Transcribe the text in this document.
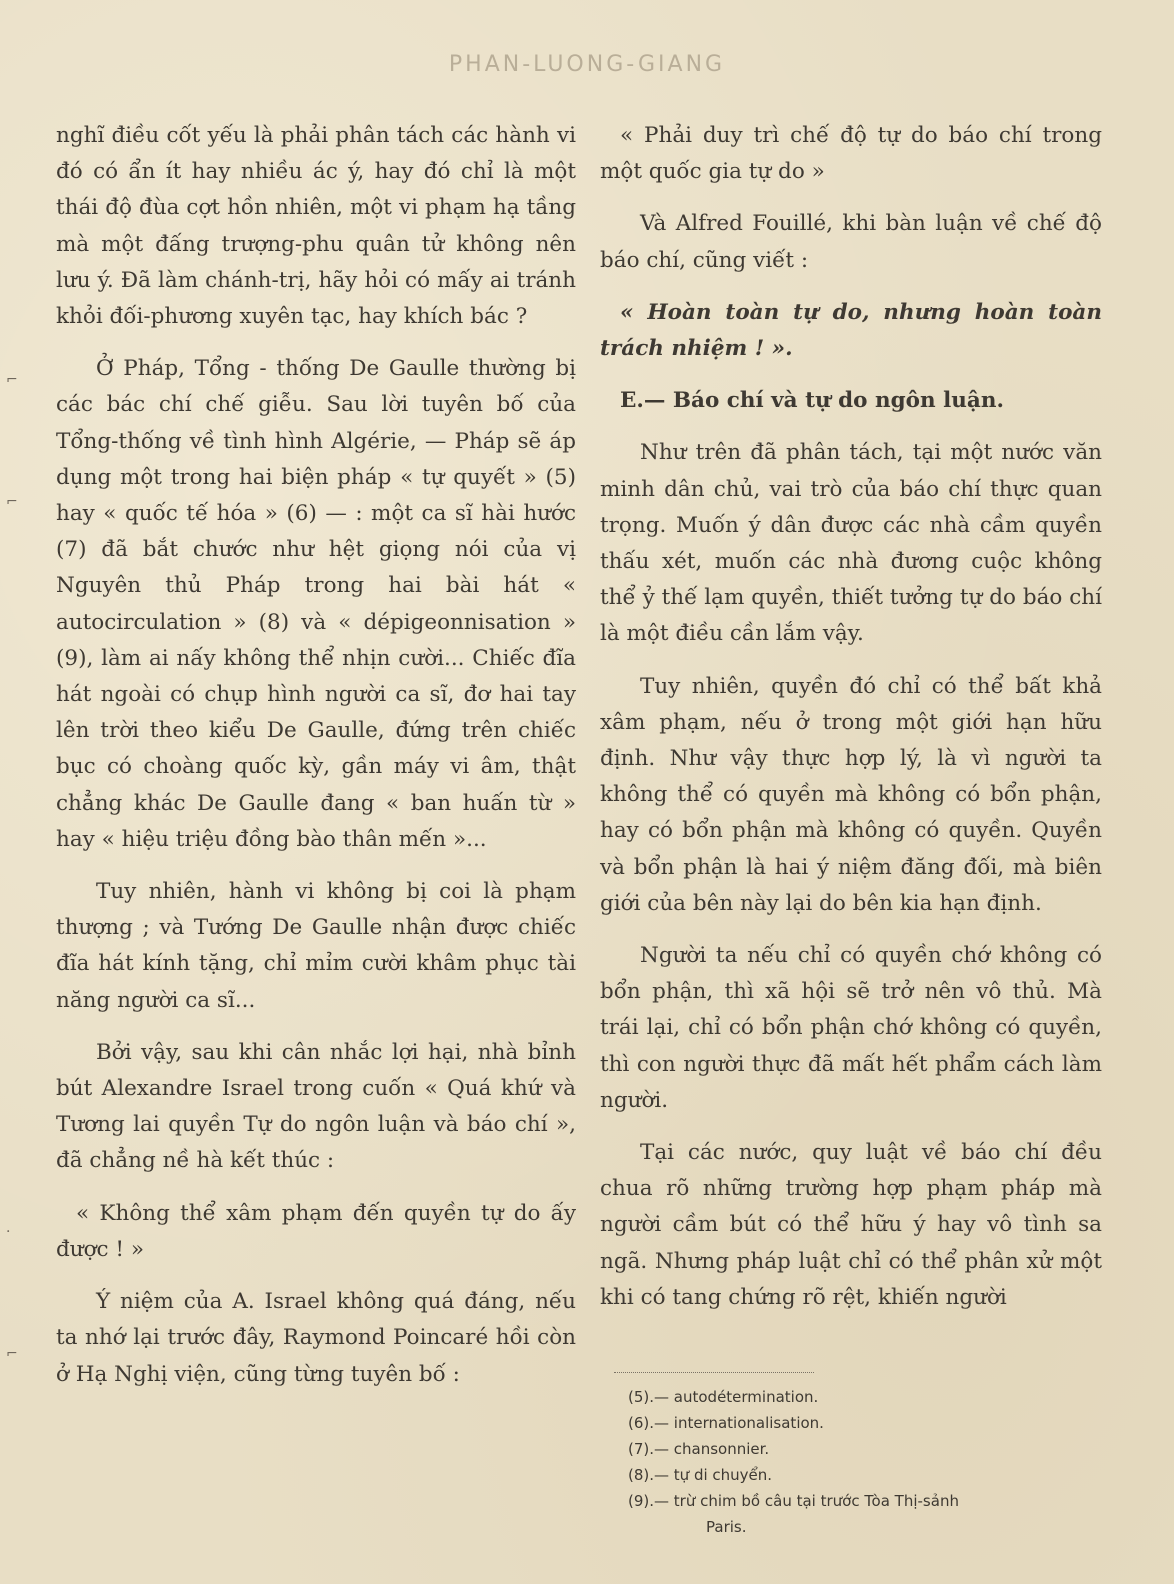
PHAN-LUONG-GIANG

nghĩ điều cốt yếu là phải phân tách các hành vi đó có ẩn ít hay nhiều ác ý, hay đó chỉ là một thái độ đùa cợt hồn nhiên, một vi phạm hạ tầng mà một đấng trượng-phu quân tử không nên lưu ý. Đã làm chánh-trị, hãy hỏi có mấy ai tránh khỏi đối-phương xuyên tạc, hay khích bác ?

Ở Pháp, Tổng - thống De Gaulle thường bị các bác chí chế giễu. Sau lời tuyên bố của Tổng-thống về tình hình Algérie, — Pháp sẽ áp dụng một trong hai biện pháp « tự quyết » (5) hay « quốc tế hóa » (6) — : một ca sĩ hài hước (7) đã bắt chước như hệt giọng nói của vị Nguyên thủ Pháp trong hai bài hát « autocirculation » (8) và « dépigeonnisation » (9), làm ai nấy không thể nhịn cười... Chiếc đĩa hát ngoài có chụp hình người ca sĩ, đơ hai tay lên trời theo kiểu De Gaulle, đứng trên chiếc bục có choàng quốc kỳ, gần máy vi âm, thật chẳng khác De Gaulle đang « ban huấn từ » hay « hiệu triệu đồng bào thân mến »...

Tuy nhiên, hành vi không bị coi là phạm thượng ; và Tướng De Gaulle nhận được chiếc đĩa hát kính tặng, chỉ mỉm cười khâm phục tài năng người ca sĩ...

Bởi vậy, sau khi cân nhắc lợi hại, nhà bỉnh bút Alexandre Israel trong cuốn « Quá khứ và Tương lai quyền Tự do ngôn luận và báo chí », đã chẳng nề hà kết thúc :

« Không thể xâm phạm đến quyền tự do ấy được ! »

Ý niệm của A. Israel không quá đáng, nếu ta nhớ lại trước đây, Raymond Poincaré hồi còn ở Hạ Nghị viện, cũng từng tuyên bố :

« Phải duy trì chế độ tự do báo chí trong một quốc gia tự do »

Và Alfred Fouillé, khi bàn luận về chế độ báo chí, cũng viết :

« Hoàn toàn tự do, nhưng hoàn toàn trách nhiệm ! ».

E.— Báo chí và tự do ngôn luận.

Như trên đã phân tách, tại một nước văn minh dân chủ, vai trò của báo chí thực quan trọng. Muốn ý dân được các nhà cầm quyền thấu xét, muốn các nhà đương cuộc không thể ỷ thế lạm quyền, thiết tưởng tự do báo chí là một điều cần lắm vậy.

Tuy nhiên, quyền đó chỉ có thể bất khả xâm phạm, nếu ở trong một giới hạn hữu định. Như vậy thực hợp lý, là vì người ta không thể có quyền mà không có bổn phận, hay có bổn phận mà không có quyền. Quyền và bổn phận là hai ý niệm đăng đối, mà biên giới của bên này lại do bên kia hạn định.

Người ta nếu chỉ có quyền chớ không có bổn phận, thì xã hội sẽ trở nên vô thủ. Mà trái lại, chỉ có bổn phận chớ không có quyền, thì con người thực đã mất hết phẩm cách làm người.

Tại các nước, quy luật về báo chí đều chua rõ những trường hợp phạm pháp mà người cầm bút có thể hữu ý hay vô tình sa ngã. Nhưng pháp luật chỉ có thể phân xử một khi có tang chứng rõ rệt, khiến người

(5).— autodétermination.

(6).— internationalisation.

(7).— chansonnier.

(8).— tự di chuyển.

(9).— trừ chim bồ câu tại trước Tòa Thị-sảnh

Paris.

⌐
⌐
·
⌐
